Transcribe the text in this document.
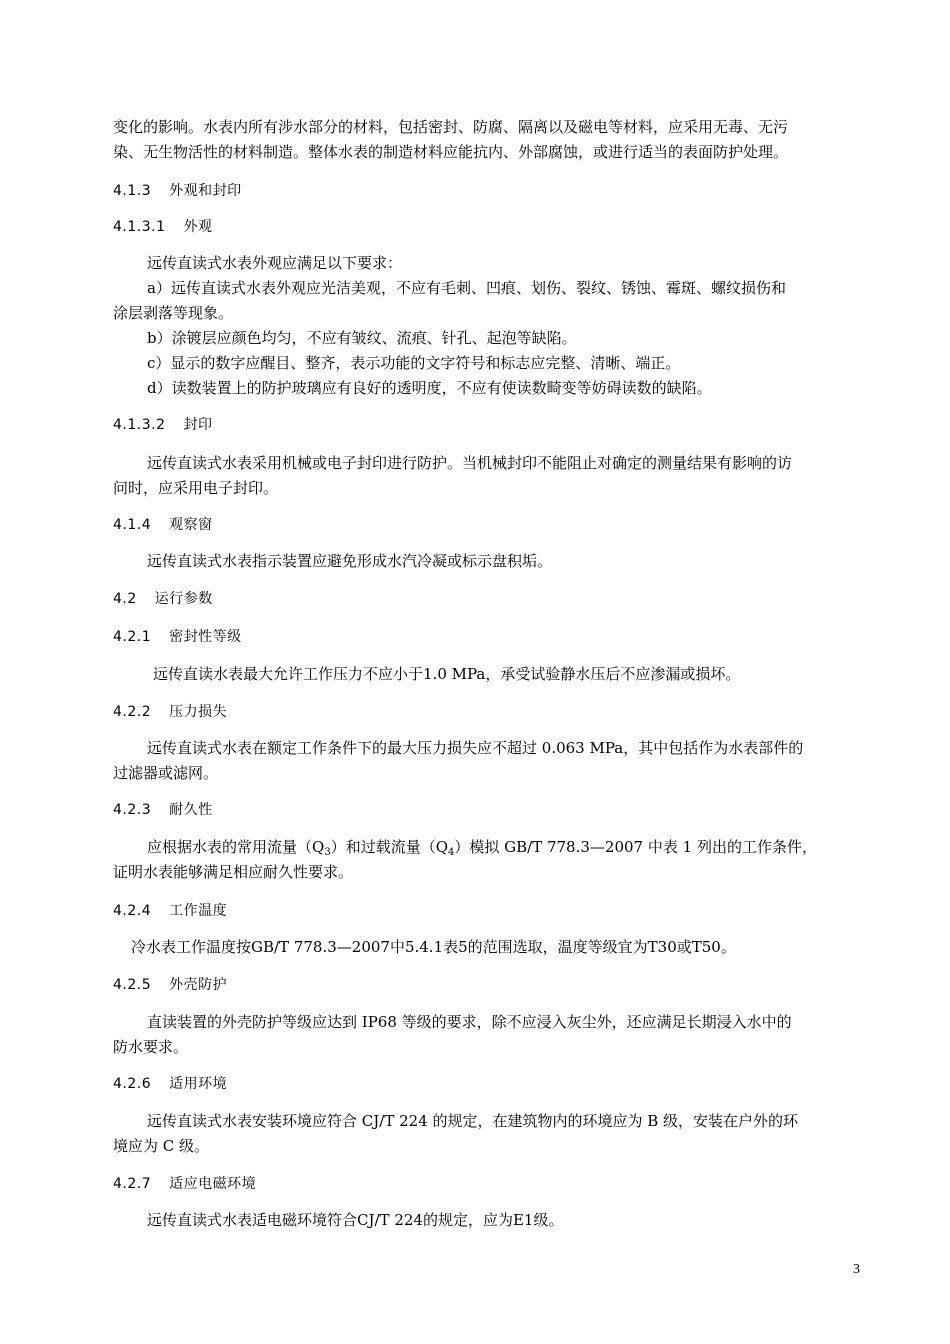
变化的影响。水表内所有涉水部分的材料，包括密封、防腐、隔离以及磁电等材料，应采用无毒、无污
染、无生物活性的材料制造。整体水表的制造材料应能抗内、外部腐蚀，或进行适当的表面防护处理。
4.1.3 外观和封印
4.1.3.1 外观
远传直读式水表外观应满足以下要求：
a）远传直读式水表外观应光洁美观，不应有毛刺、凹痕、划伤、裂纹、锈蚀、霉斑、螺纹损伤和
涂层剥落等现象。
b）涂镀层应颜色均匀，不应有皱纹、流痕、针孔、起泡等缺陷。
c）显示的数字应醒目、整齐，表示功能的文字符号和标志应完整、清晰、端正。
d）读数装置上的防护玻璃应有良好的透明度，不应有使读数畸变等妨碍读数的缺陷。
4.1.3.2 封印
远传直读式水表采用机械或电子封印进行防护。当机械封印不能阻止对确定的测量结果有影响的访
问时，应采用电子封印。
4.1.4 观察窗
远传直读式水表指示装置应避免形成水汽冷凝或标示盘积垢。
4.2 运行参数
4.2.1 密封性等级
远传直读水表最大允许工作压力不应小于1.0 MPa，承受试验静水压后不应渗漏或损坏。
4.2.2 压力损失
远传直读式水表在额定工作条件下的最大压力损失应不超过 0.063 MPa，其中包括作为水表部件的
过滤器或滤网。
4.2.3 耐久性
应根据水表的常用流量$(Q_3)$和过载流量$(Q_4)$模拟 GB/T 778.3—2007 中表 1 列出的工作条件，
证明水表能够满足相应耐久性要求。
4.2.4 工作温度
冷水表工作温度按GB/T 778.3—2007中5.4.1表5的范围选取，温度等级宜为T30或T50。
4.2.5 外壳防护
直读装置的外壳防护等级应达到 IP68 等级的要求，除不应浸入灰尘外，还应满足长期浸入水中的
防水要求。
4.2.6 适用环境
远传直读式水表安装环境应符合 CJ/T 224 的规定，在建筑物内的环境应为 B 级，安装在户外的环
境应为 C 级。
4.2.7 适应电磁环境
远传直读式水表适电磁环境符合CJ/T 224的规定，应为E1级。
3
